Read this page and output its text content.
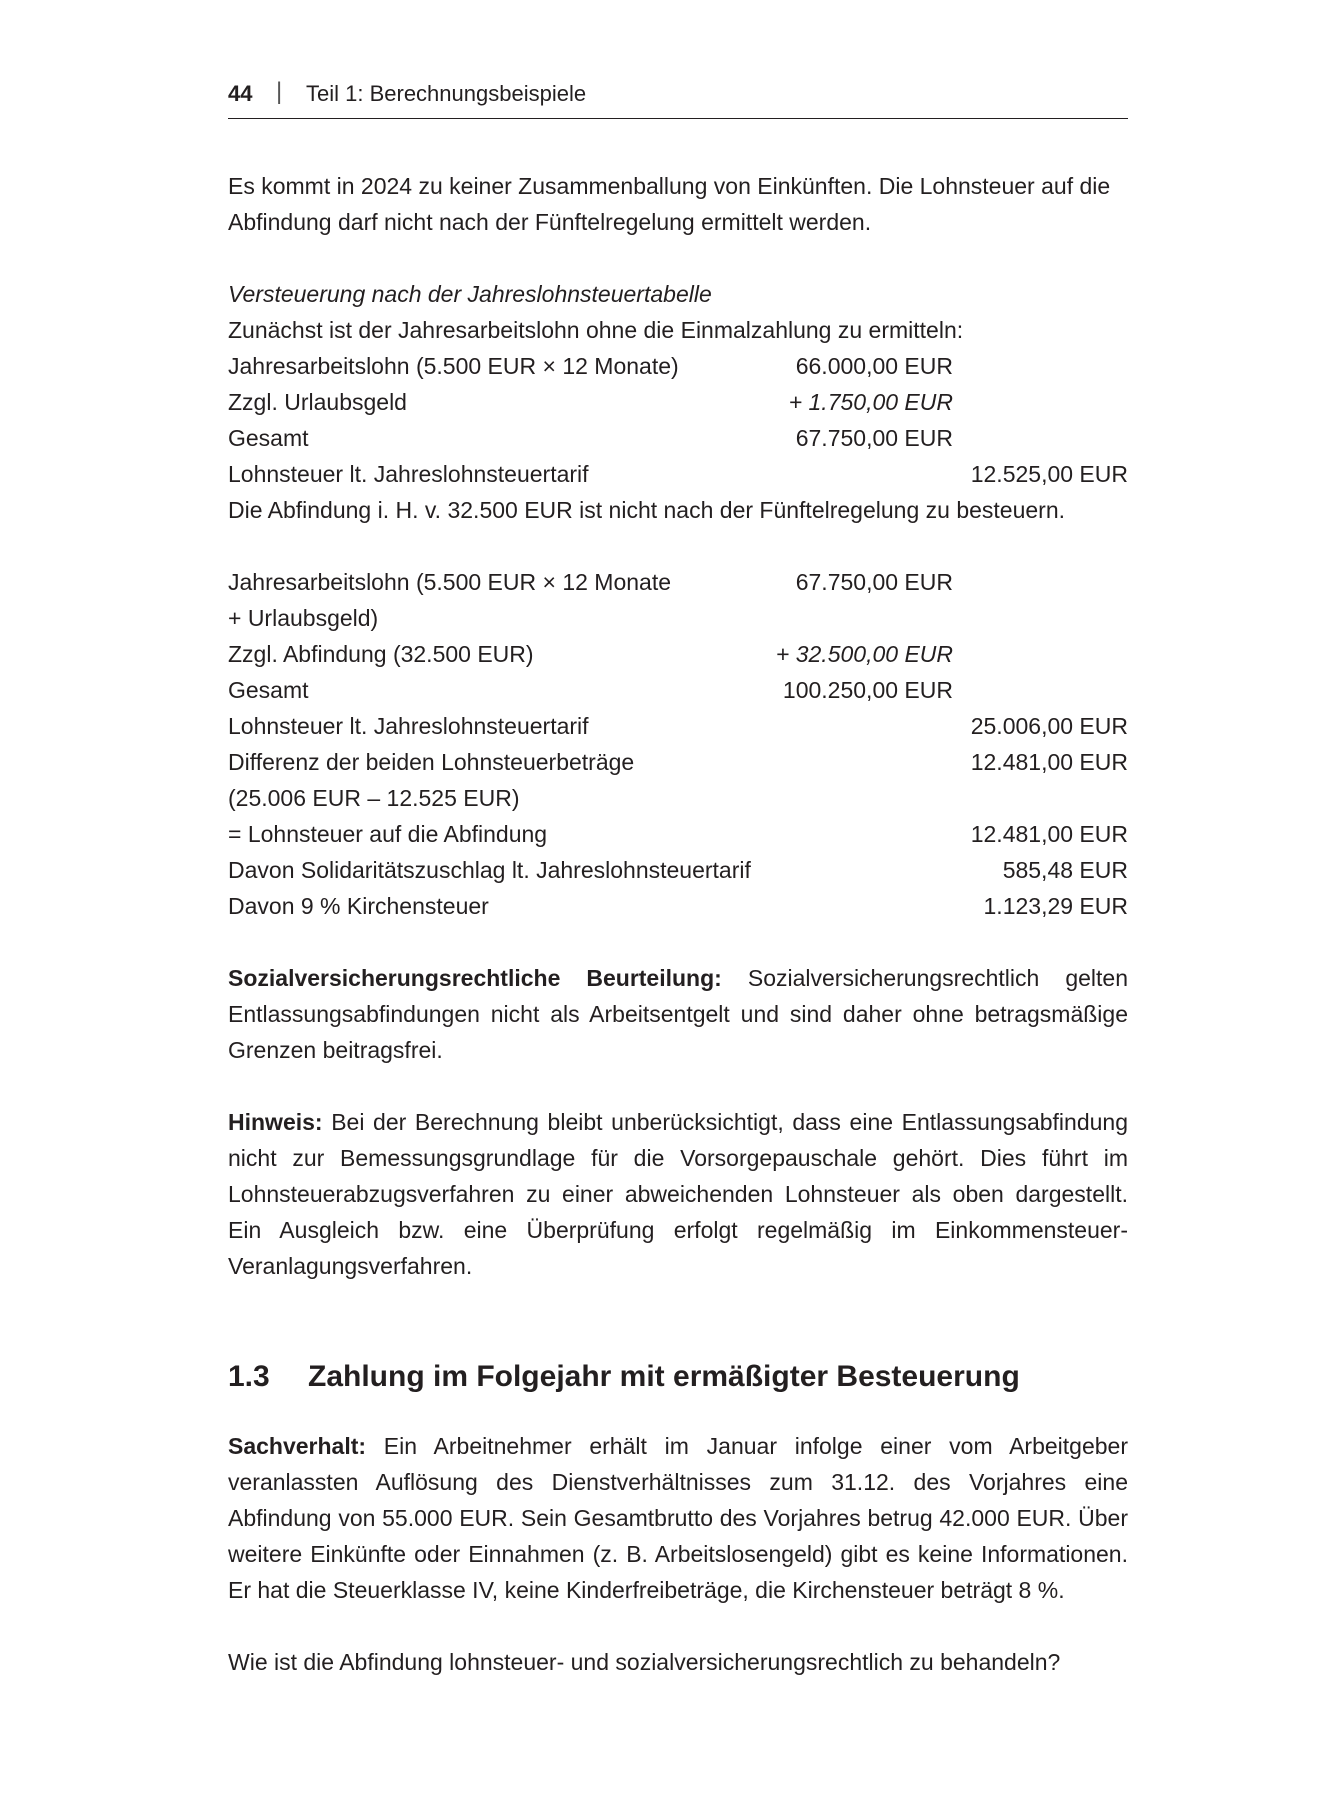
44 | Teil 1: Berechnungsbeispiele
Es kommt in 2024 zu keiner Zusammenballung von Einkünften. Die Lohnsteuer auf die
Abfindung darf nicht nach der Fünftelregelung ermittelt werden.
Versteuerung nach der Jahreslohnsteuertabelle
Zunächst ist der Jahresarbeitslohn ohne die Einmalzahlung zu ermitteln:
Jahresarbeitslohn (5.500 EUR × 12 Monate)	66.000,00 EUR
Zzgl. Urlaubsgeld	+ 1.750,00 EUR
Gesamt	67.750,00 EUR
Lohnsteuer lt. Jahreslohnsteuertarif	12.525,00 EUR
Die Abfindung i. H. v. 32.500 EUR ist nicht nach der Fünftelregelung zu besteuern.
Jahresarbeitslohn (5.500 EUR × 12 Monate	67.750,00 EUR
+ Urlaubsgeld)
Zzgl. Abfindung (32.500 EUR)	+ 32.500,00 EUR
Gesamt	100.250,00 EUR
Lohnsteuer lt. Jahreslohnsteuertarif	25.006,00 EUR
Differenz der beiden Lohnsteuerbeträge	12.481,00 EUR
(25.006 EUR – 12.525 EUR)
= Lohnsteuer auf die Abfindung	12.481,00 EUR
Davon Solidaritätszuschlag lt. Jahreslohnsteuertarif	585,48 EUR
Davon 9 % Kirchensteuer	1.123,29 EUR
Sozialversicherungsrechtliche Beurteilung: Sozialversicherungsrechtlich gelten Entlassungsabfindungen nicht als Arbeitsentgelt und sind daher ohne betragsmäßige Grenzen beitragsfrei.
Hinweis: Bei der Berechnung bleibt unberücksichtigt, dass eine Entlassungsabfindung nicht zur Bemessungsgrundlage für die Vorsorgepauschale gehört. Dies führt im Lohnsteuerabzugsverfahren zu einer abweichenden Lohnsteuer als oben dargestellt. Ein Ausgleich bzw. eine Überprüfung erfolgt regelmäßig im Einkommensteuer-Veranlagungsverfahren.
1.3 Zahlung im Folgejahr mit ermäßigter Besteuerung
Sachverhalt: Ein Arbeitnehmer erhält im Januar infolge einer vom Arbeitgeber veranlassten Auflösung des Dienstverhältnisses zum 31.12. des Vorjahres eine Abfindung von 55.000 EUR. Sein Gesamtbrutto des Vorjahres betrug 42.000 EUR. Über weitere Einkünfte oder Einnahmen (z. B. Arbeitslosengeld) gibt es keine Informationen. Er hat die Steuerklasse IV, keine Kinderfreibeträge, die Kirchensteuer beträgt 8 %.
Wie ist die Abfindung lohnsteuer- und sozialversicherungsrechtlich zu behandeln?
